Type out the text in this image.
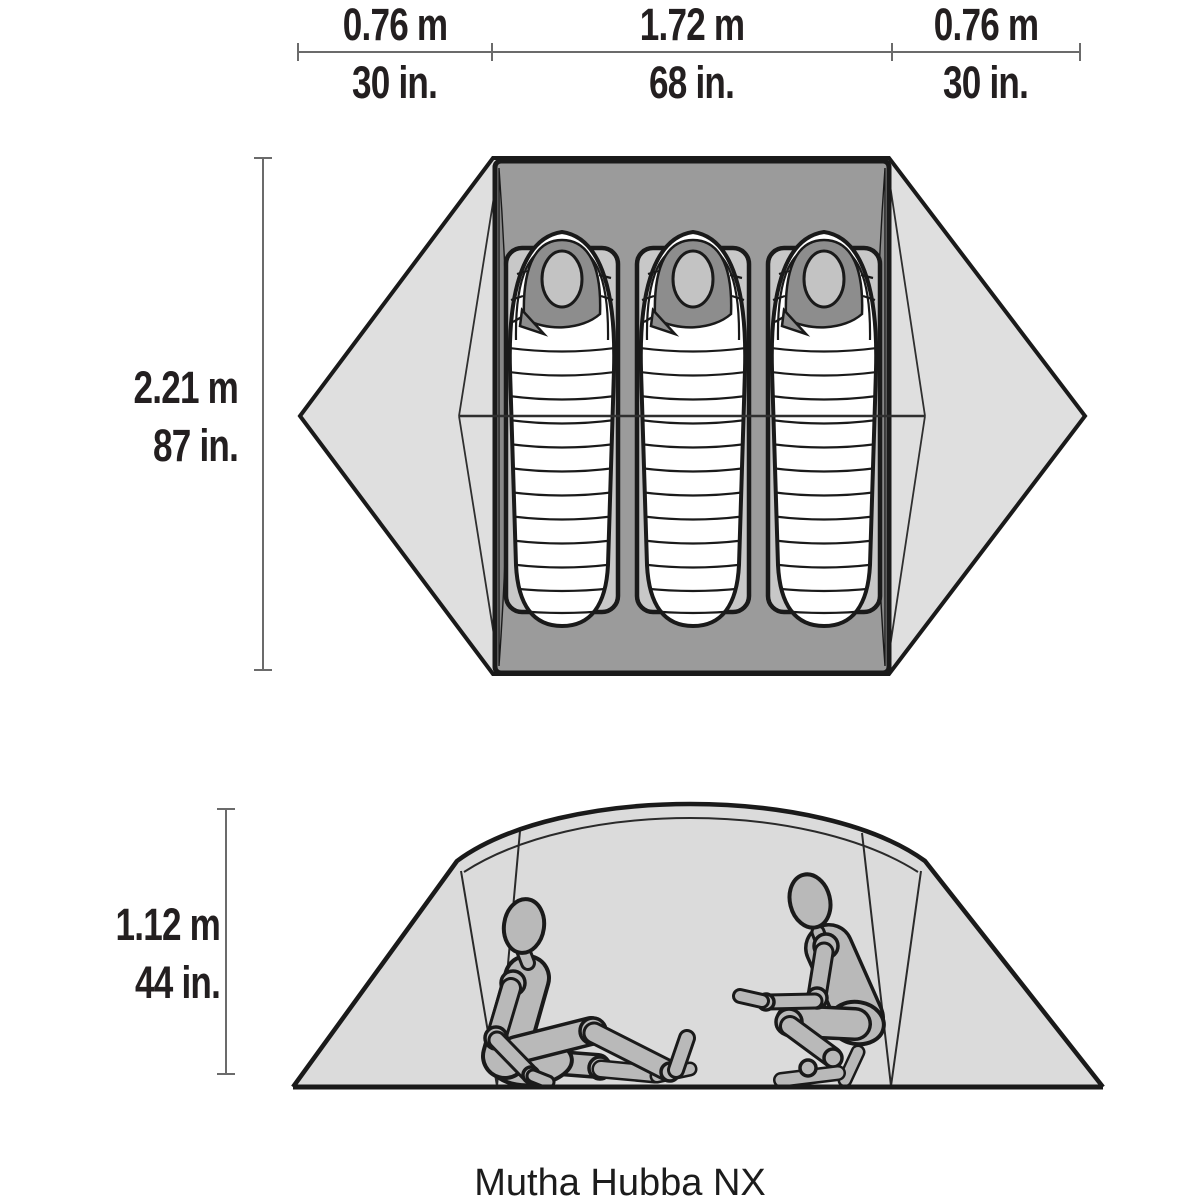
0.76 m
30 in.
1.72 m
68 in.
0.76 m
30 in.
2.21 m
87 in.
1.12 m
44 in.
Mutha Hubba NX
